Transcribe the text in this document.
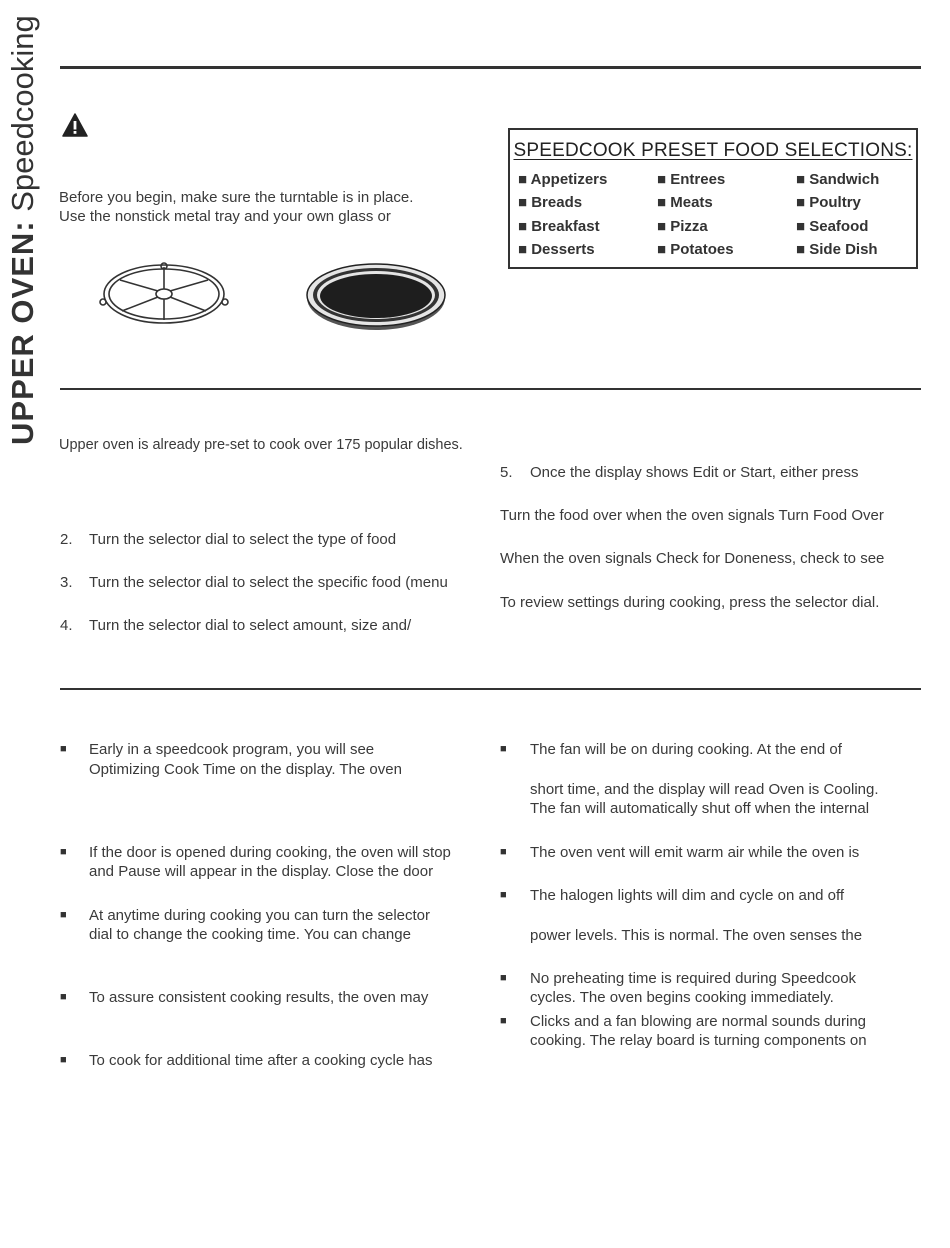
UPPER OVEN: Speedcooking Before you begin, make sure the turntable is in place.
Use the nonstick metal tray and your own glass or
SPEEDCOOK PRESET FOOD SELECTIONS:
■ Appetizers
■ Breads
■ Breakfast
■ Desserts
■ Entrees
■ Meats
■ Pizza
■ Potatoes
■ Sandwich
■ Poultry
■ Seafood
■ Side Dish
Upper oven is already pre-set to cook over 175 popular dishes.
2. Turn the selector dial to select the type of food
3. Turn the selector dial to select the specific food (menu
4. Turn the selector dial to select amount, size and/
5. Once the display shows Edit or Start, either press
Turn the food over when the oven signals Turn Food Over
When the oven signals Check for Doneness, check to see
To review settings during cooking, press the selector dial.
■ Early in a speedcook program, you will see
Optimizing Cook Time on the display. The oven
■ If the door is opened during cooking, the oven will stop
and Pause will appear in the display. Close the door
■ At anytime during cooking you can turn the selector
dial to change the cooking time. You can change
■ To assure consistent cooking results, the oven may
■ To cook for additional time after a cooking cycle has
■ The fan will be on during cooking. At the end of
short time, and the display will read Oven is Cooling.
The fan will automatically shut off when the internal
■ The oven vent will emit warm air while the oven is
■ The halogen lights will dim and cycle on and off
power levels. This is normal. The oven senses the
■ No preheating time is required during Speedcook
cycles. The oven begins cooking immediately.
■ Clicks and a fan blowing are normal sounds during
cooking. The relay board is turning components on
